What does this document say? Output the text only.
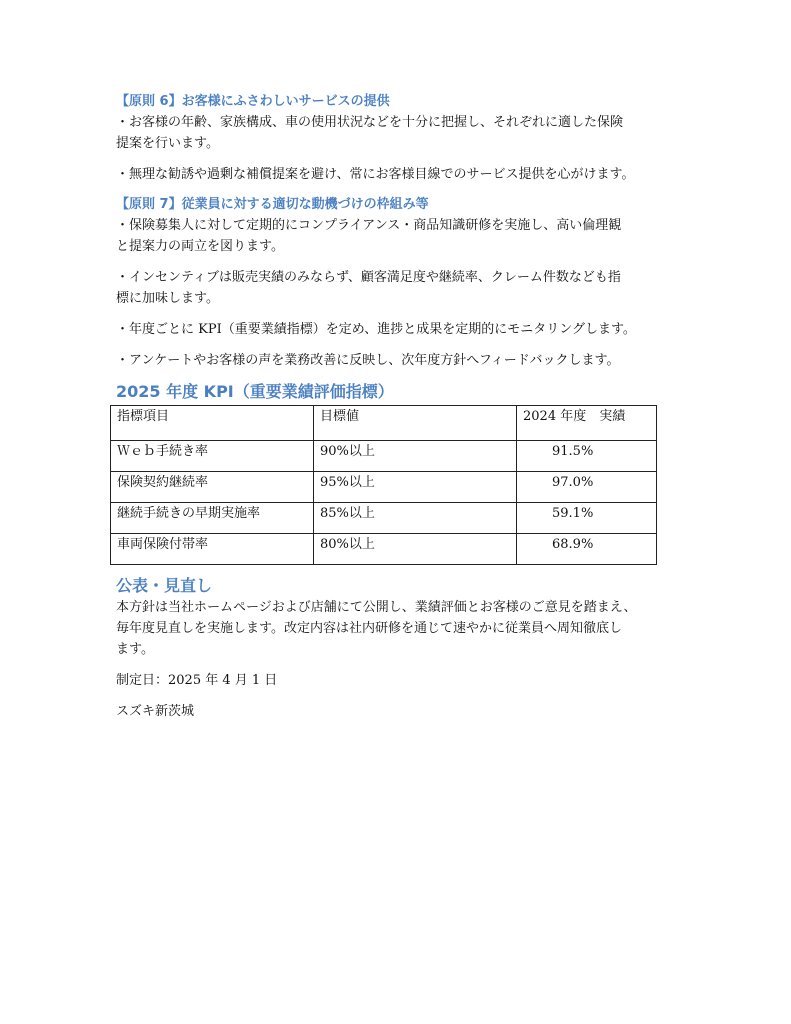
【原則 6】お客様にふさわしいサービスの提供

・お客様の年齢、家族構成、車の使用状況などを十分に把握し、それぞれに適した保険

提案を行います。

・無理な勧誘や過剰な補償提案を避け、常にお客様目線でのサービス提供を心がけます。

【原則 7】従業員に対する適切な動機づけの枠組み等

・保険募集人に対して定期的にコンプライアンス・商品知識研修を実施し、高い倫理観

と提案力の両立を図ります。

・インセンティブは販売実績のみならず、顧客満足度や継続率、クレーム件数なども指

標に加味します。

・年度ごとに KPI（重要業績指標）を定め、進捗と成果を定期的にモニタリングします。

・アンケートやお客様の声を業務改善に反映し、次年度方針へフィードバックします。

2025 年度 KPI（重要業績評価指標）
指標項目	目標値	2024 年度　実績

Ｗｅｂ手続き率	90%以上	91.5%

保険契約継続率	95%以上	97.0%

継続手続きの早期実施率	85%以上	59.1%

車両保険付帯率	80%以上	68.9%
公表・見直し

本方針は当社ホームページおよび店舗にて公開し、業績評価とお客様のご意見を踏まえ、

毎年度見直しを実施します。改定内容は社内研修を通じて速やかに従業員へ周知徹底し

ます。

制定日：2025 年 4 月 1 日

スズキ新茨城
